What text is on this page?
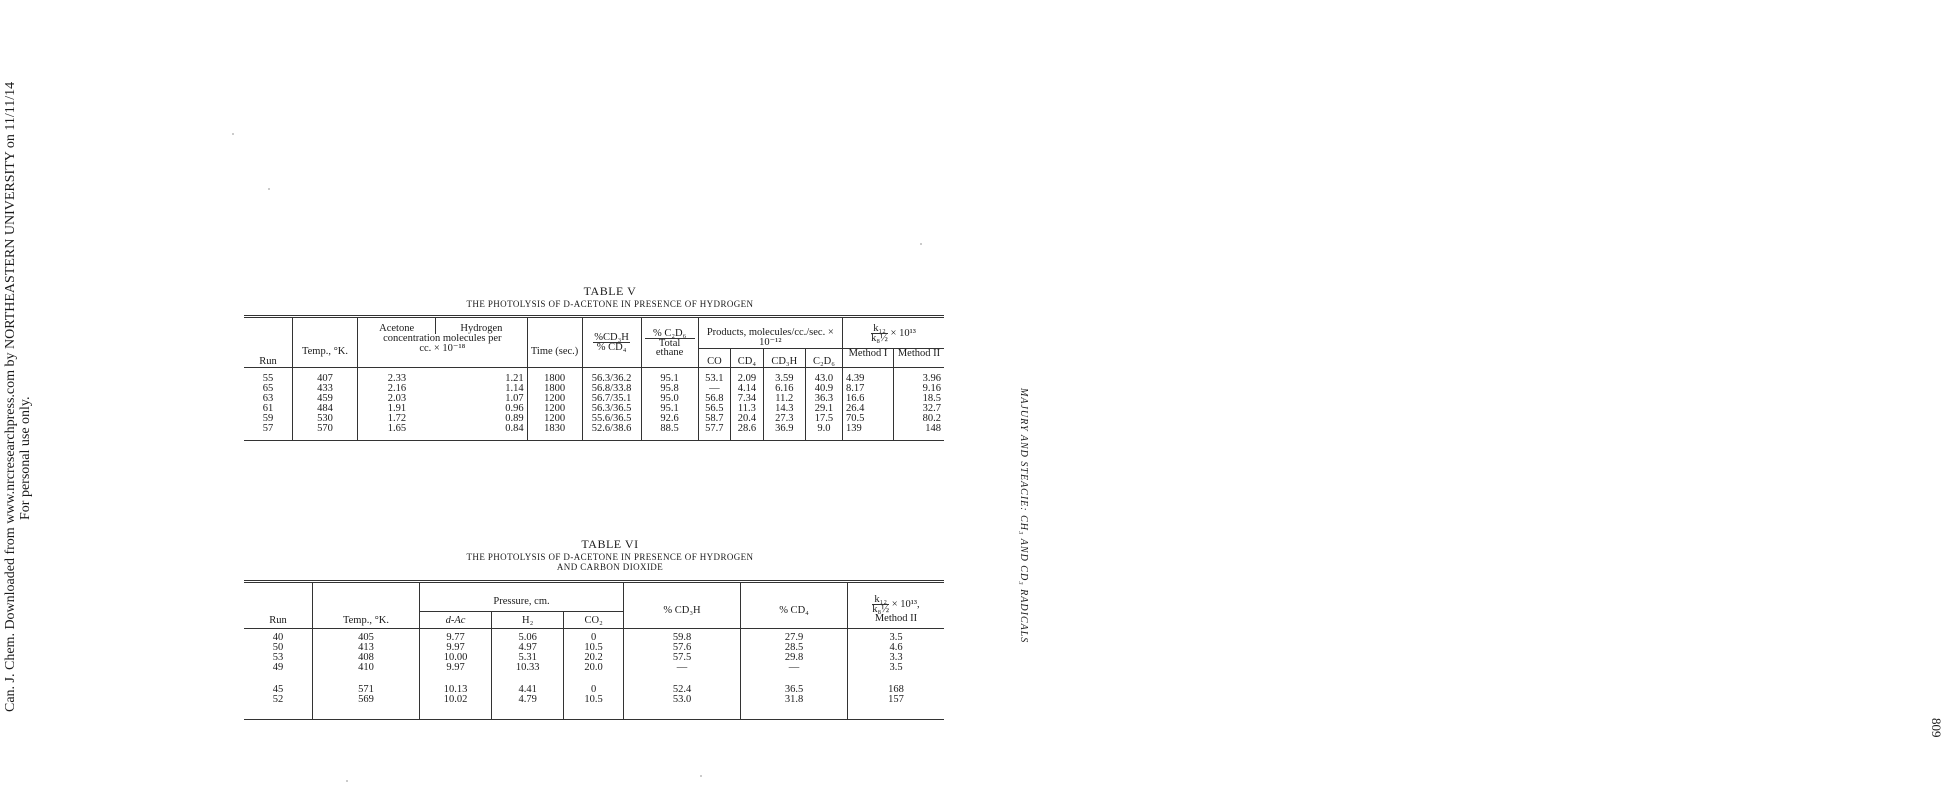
Can. J. Chem. Downloaded from www.nrcresearchpress.com by NORTHEASTERN UNIVERSITY on 11/11/14 For personal use only.	MAJURY AND STEACIE: CH₃ AND CD₃ RADICALS
809
TABLE V
THE PHOTOLYSIS OF D-ACETONE IN PRESENCE OF HYDROGEN
Run	Temp., °K.	Acetone	Hydrogen	Time (sec.)	$\frac{\text{\%CD₃H}}{\text{\% CD₄}}$	$\frac{\text{\% C₂D₆}}{\text{Total ethane}}$	Products, molecules/cc./sec. × 10⁻¹²				$\frac{\text{k₁₂}}{\text{k₈½}} \times 10^{13}$	
		concentration molecules per cc. × 10⁻¹⁸										
							CO	CD₄	CD₃H	C₂D₆	Method I	Method II
55	407	2.33	1.21	1800	56.3/36.2	95.1	53.1	2.09	3.59	43.0	4.39	3.96
65	433	2.16	1.14	1800	56.8/33.8	95.8	—	4.14	6.16	40.9	8.17	9.16
63	459	2.03	1.07	1200	56.7/35.1	95.0	56.8	7.34	11.2	36.3	16.6	18.5
61	484	1.91	0.96	1200	56.3/36.5	95.1	56.5	11.3	14.3	29.1	26.4	32.7
59	530	1.72	0.89	1200	55.6/36.5	92.6	58.7	20.4	27.3	17.5	70.5	80.2
57	570	1.65	0.84	1830	52.6/38.6	88.5	57.7	28.6	36.9	9.0	139	148
TABLE VI
THE PHOTOLYSIS OF D-ACETONE IN PRESENCE OF HYDROGEN
AND CARBON DIOXIDE
Run	Temp., °K.	Pressure, cm.			% CD₃H	% CD₄	$\frac{\text{k₁₂}}{\text{k₈½}} \times 10^{13}$,
Method II
		d-Ac	H₂	CO₂			
40	405	9.77	5.06	0	59.8	27.9	3.5
50	413	9.97	4.97	10.5	57.6	28.5	4.6
53	408	10.00	5.31	20.2	57.5	29.8	3.3
49	410	9.97	10.33	20.0	—	—	3.5
45	571	10.13	4.41	0	52.4	36.5	168
52	569	10.02	4.79	10.5	53.0	31.8	157
